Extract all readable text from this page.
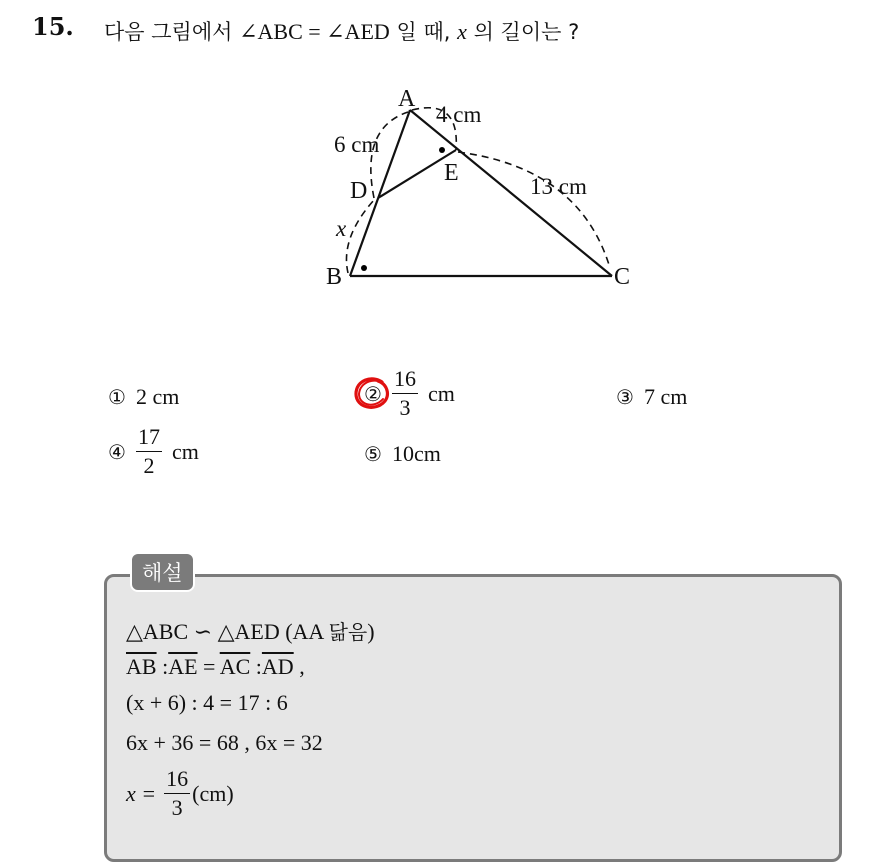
15. 다음 그림에서 ∠ABC = ∠AED 일 때, x 의 길이는 ?
A
B	C
D
E
6 cm
4 cm
13 cm
x
① 2 cm	② $\frac{16}{3}$ cm	③ 7 cm
④ $\frac{17}{2}$ cm	⑤ 10cm
해설
△ABC ∽ △AED (AA 닮음)
$\overline{AB}$ $:\overline{AE} = \overline{AC}$ $:\overline{AD}$ ,
(x + 6) : 4 = 17 : 6
6x + 36 = 68 , 6x = 32
$x = \frac{16}{3} (cm)$
